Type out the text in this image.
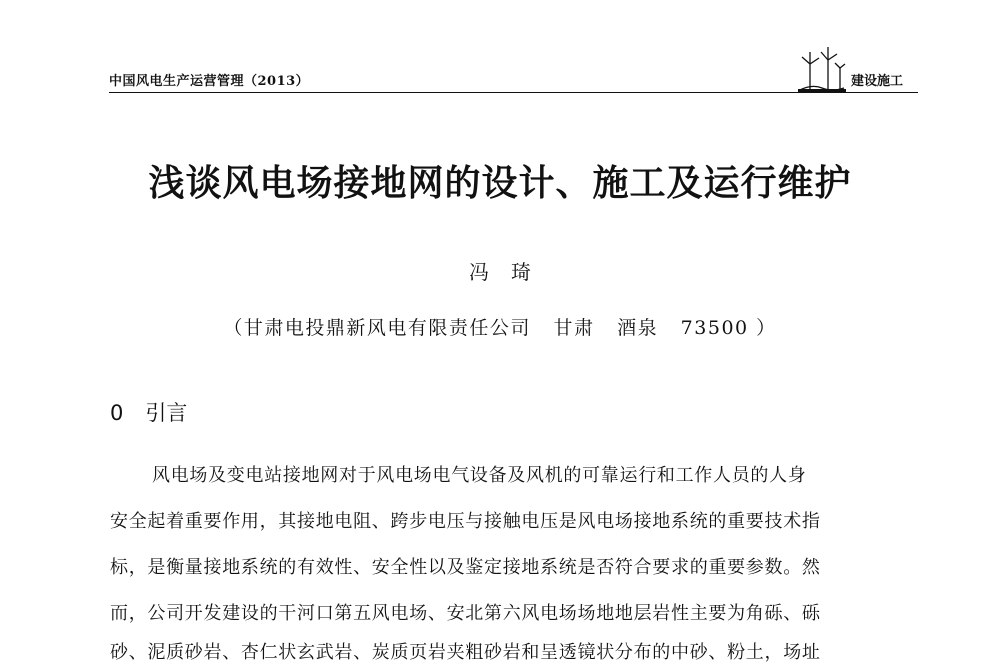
中国风电生产运营管理（2013）	建设施工
浅谈风电场接地网的设计、施工及运行维护
冯琦
（甘肃电投鼎新风电有限责任公司   甘肃   酒泉   73500 ）
0 引言
风电场及变电站接地网对于风电场电气设备及风机的可靠运行和工作人员的人身
安全起着重要作用，其接地电阻、跨步电压与接触电压是风电场接地系统的重要技术指
标，是衡量接地系统的有效性、安全性以及鉴定接地系统是否符合要求的重要参数。然
而，公司开发建设的干河口第五风电场、安北第六风电场场地地层岩性主要为角砾、砾
砂、泥质砂岩、杏仁状玄武岩、炭质页岩夹粗砂岩和呈透镜状分布的中砂、粉土，场址
